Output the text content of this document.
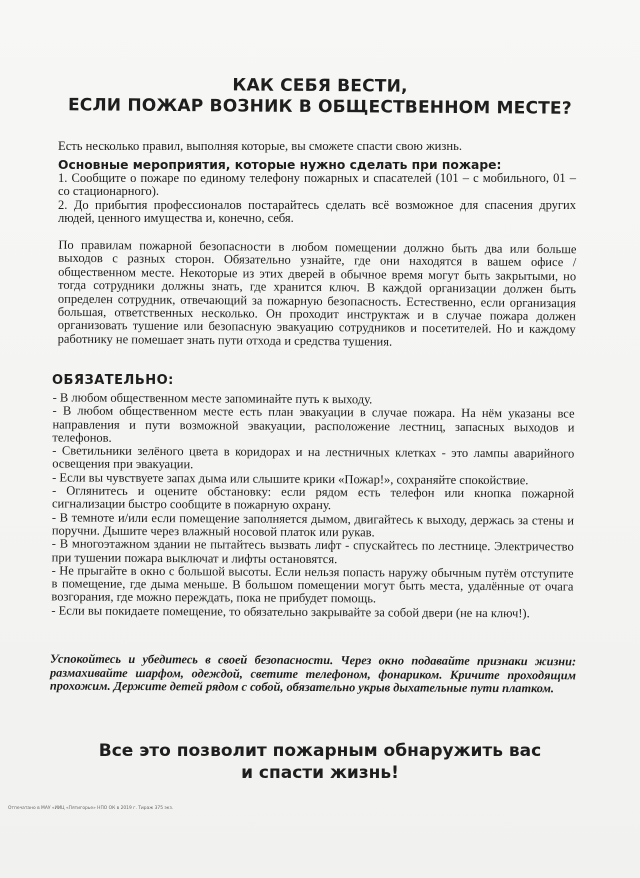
КАК СЕБЯ ВЕСТИ,
ЕСЛИ ПОЖАР ВОЗНИК В ОБЩЕСТВЕННОМ МЕСТЕ?
Есть несколько правил, выполняя которые, вы сможете спасти свою жизнь.
Основные мероприятия, которые нужно сделать при пожаре:

1. Сообщите о пожаре по единому телефону пожарных и спасателей (101 – с мобильного, 01 – со стационарного).

2. До прибытия профессионалов постарайтесь сделать всё возможное для спасения других людей, ценного имущества и, конечно, себя.

По правилам пожарной безопасности в любом помещении должно быть два или больше выходов с разных сторон. Обязательно узнайте, где они находятся в вашем офисе / общественном месте. Некоторые из этих дверей в обычное время могут быть закрытыми, но тогда сотрудники должны знать, где хранится ключ. В каждой организации должен быть определен сотрудник, отвечающий за пожарную безопасность. Естественно, если организация большая, ответственных несколько. Он проходит инструктаж и в случае пожара должен организовать тушение или безопасную эвакуацию сотрудников и посетителей. Но и каждому работнику не помешает знать пути отхода и средства тушения.
ОБЯЗАТЕЛЬНО:

- В любом общественном месте запоминайте путь к выходу.

- В любом общественном месте есть план эвакуации в случае пожара. На нём указаны все направления и пути возможной эвакуации, расположение лестниц, запасных выходов и телефонов.

- Светильники зелёного цвета в коридорах и на лестничных клетках - это лампы аварийного освещения при эвакуации.

- Если вы чувствуете запах дыма или слышите крики «Пожар!», сохраняйте спокойствие.

- Оглянитесь и оцените обстановку: если рядом есть телефон или кнопка пожарной сигнализации быстро сообщите в пожарную охрану.

- В темноте и/или если помещение заполняется дымом, двигайтесь к выходу, держась за стены и поручни. Дышите через влажный носовой платок или рукав.

- В многоэтажном здании не пытайтесь вызвать лифт - спускайтесь по лестнице. Электричество при тушении пожара выключат и лифты остановятся.

- Не прыгайте в окно с большой высоты. Если нельзя попасть наружу обычным путём отступите в помещение, где дыма меньше. В большом помещении могут быть места, удалённые от очага возгорания, где можно переждать, пока не прибудет помощь.

- Если вы покидаете помещение, то обязательно закрывайте за собой двери (не на ключ!).

Успокойтесь и убедитесь в своей безопасности. Через окно подавайте признаки жизни: размахивайте шарфом, одеждой, светите телефоном, фонариком. Кричите проходящим прохожим. Держите детей рядом с собой, обязательно укрыв дыхательные пути платком.
Все это позволит пожарным обнаружить вас
и спасти жизнь!
Отпечатано в МАУ «ИИЦ «Пятигорье» НПО ОК в 2019 г. Тираж 375 экз.
